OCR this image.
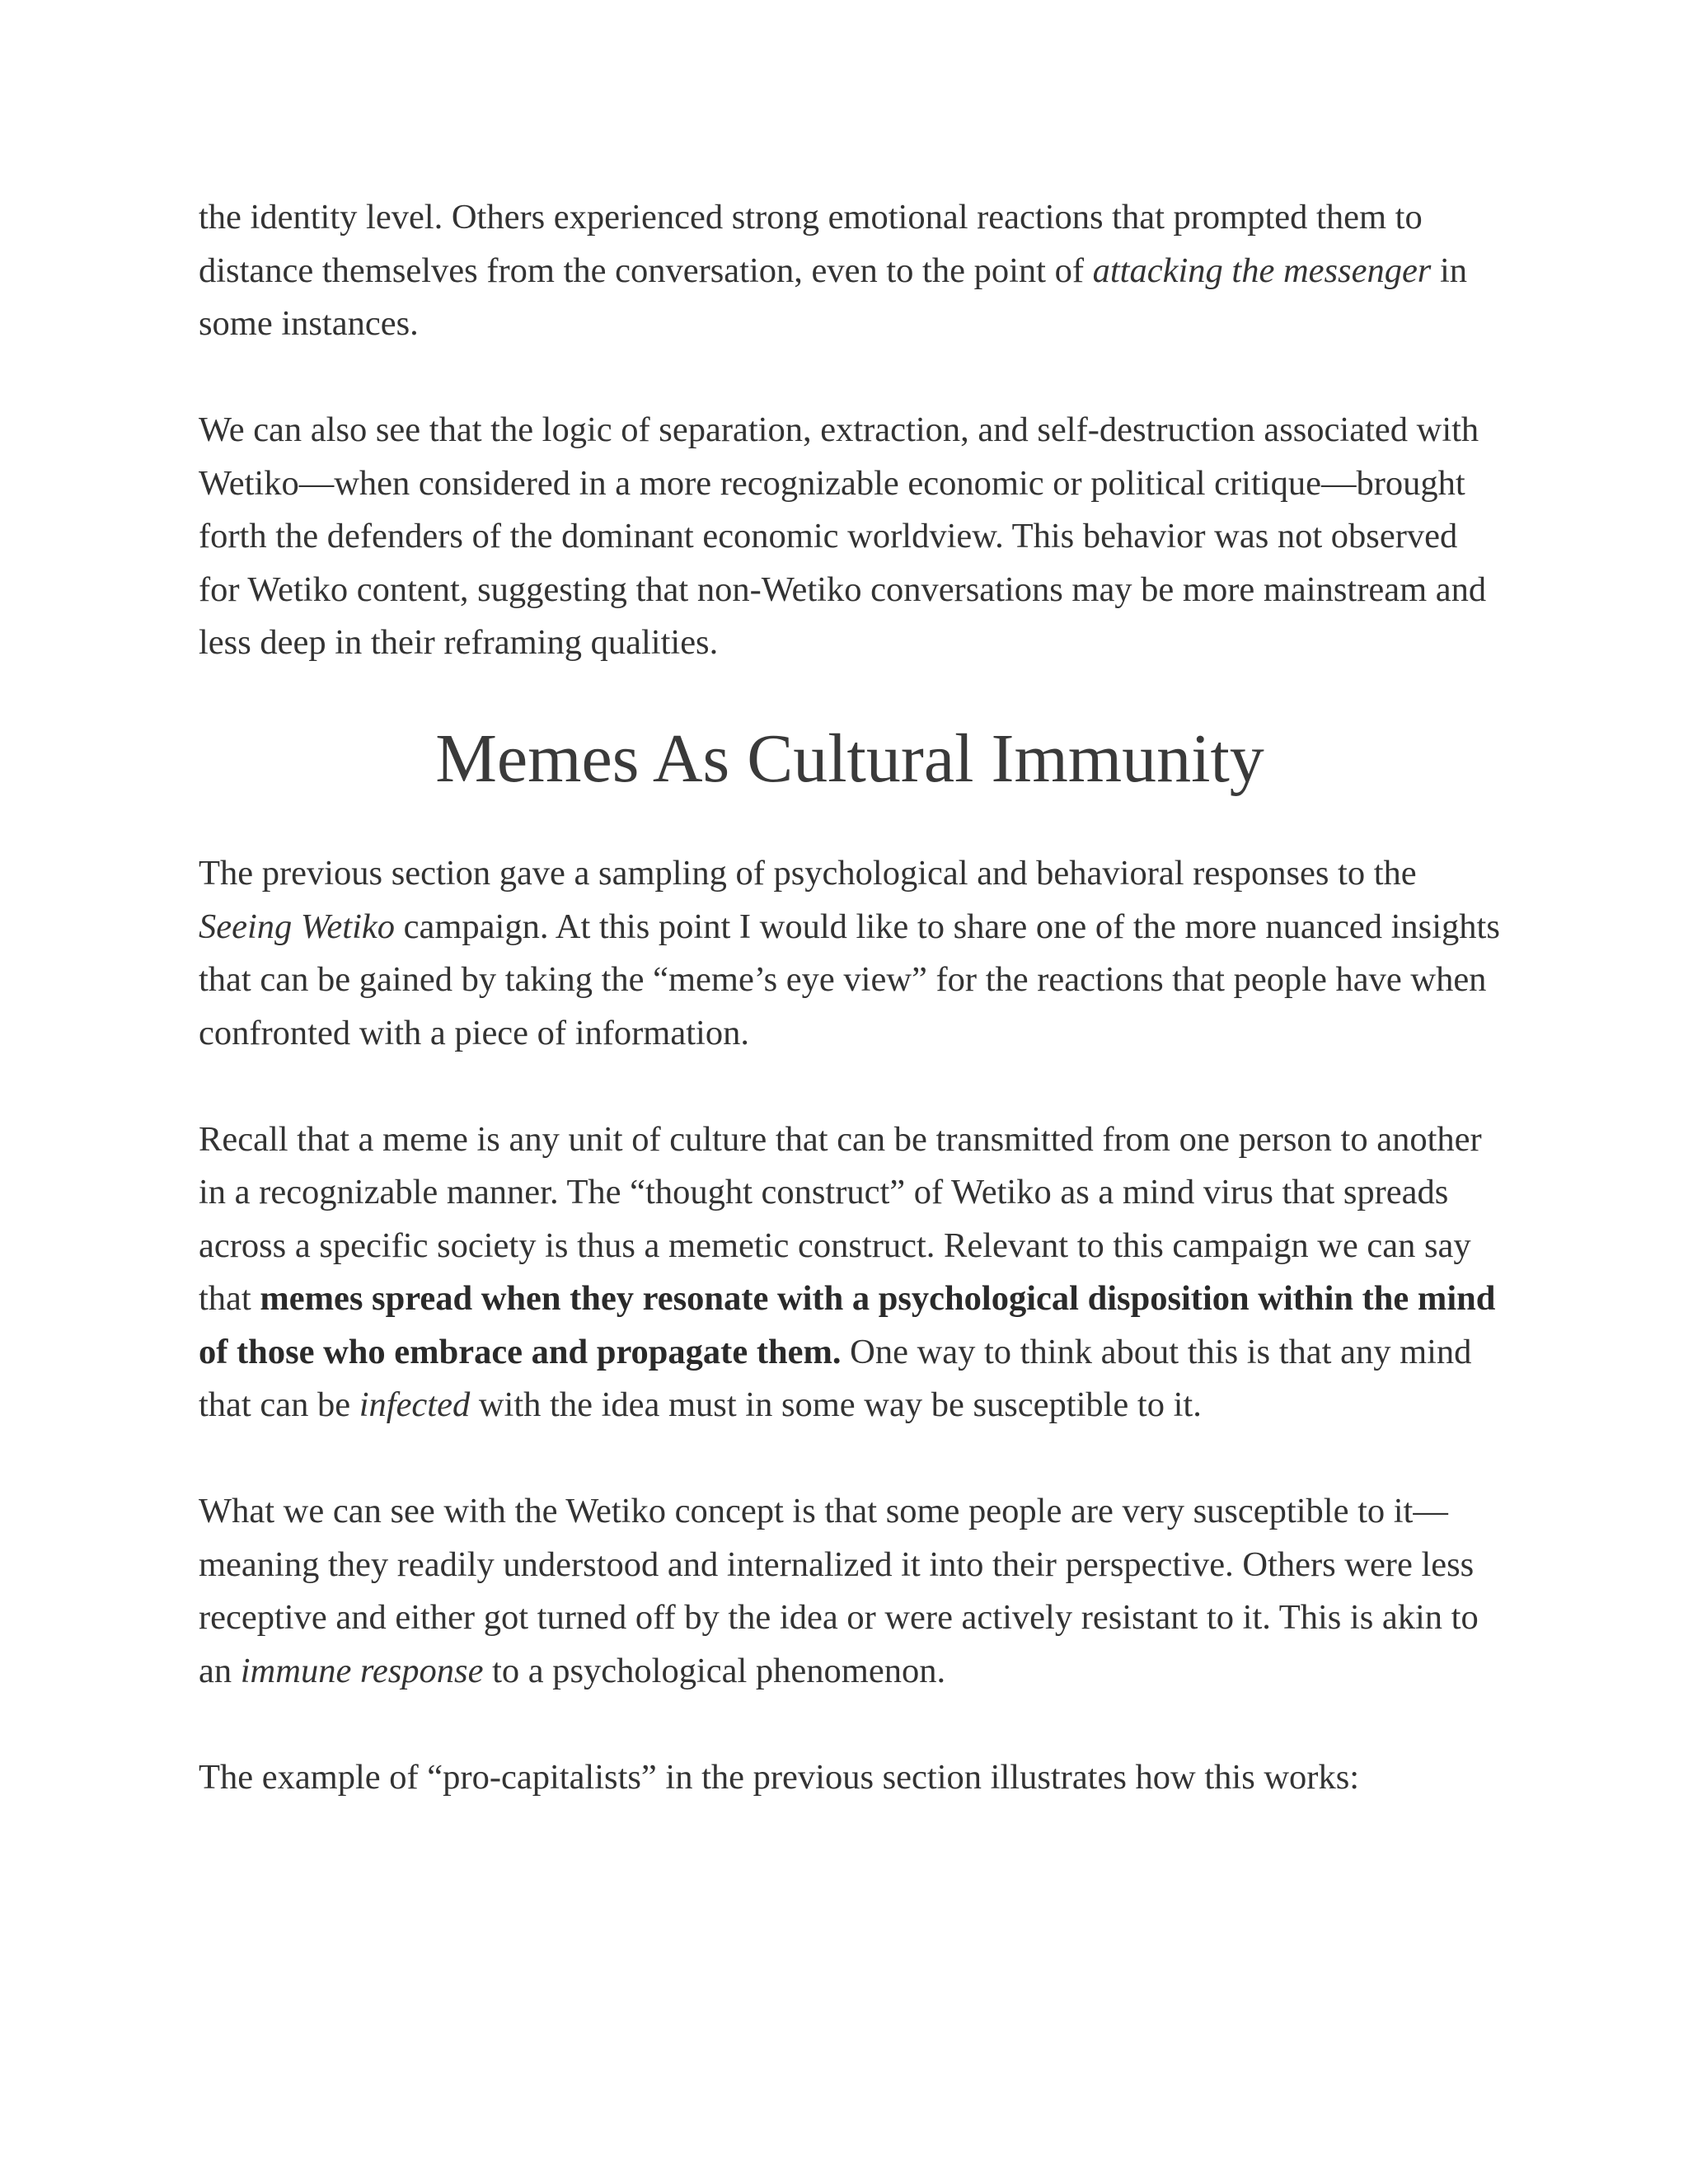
the identity level. Others experienced strong emotional reactions that prompted them to distance themselves from the conversation, even to the point of attacking the messenger in some instances.

We can also see that the logic of separation, extraction, and self-destruction associated with Wetiko—when considered in a more recognizable economic or political critique—brought forth the defenders of the dominant economic worldview. This behavior was not observed for Wetiko content, suggesting that non-Wetiko conversations may be more mainstream and less deep in their reframing qualities.

Memes As Cultural Immunity

The previous section gave a sampling of psychological and behavioral responses to the Seeing Wetiko campaign. At this point I would like to share one of the more nuanced insights that can be gained by taking the “meme’s eye view” for the reactions that people have when confronted with a piece of information.

Recall that a meme is any unit of culture that can be transmitted from one person to another in a recognizable manner. The “thought construct” of Wetiko as a mind virus that spreads across a specific society is thus a memetic construct. Relevant to this campaign we can say that memes spread when they resonate with a psychological disposition within the mind of those who embrace and propagate them. One way to think about this is that any mind that can be infected with the idea must in some way be susceptible to it.

What we can see with the Wetiko concept is that some people are very susceptible to it—meaning they readily understood and internalized it into their perspective. Others were less receptive and either got turned off by the idea or were actively resistant to it. This is akin to an immune response to a psychological phenomenon.

The example of “pro-capitalists” in the previous section illustrates how this works:
